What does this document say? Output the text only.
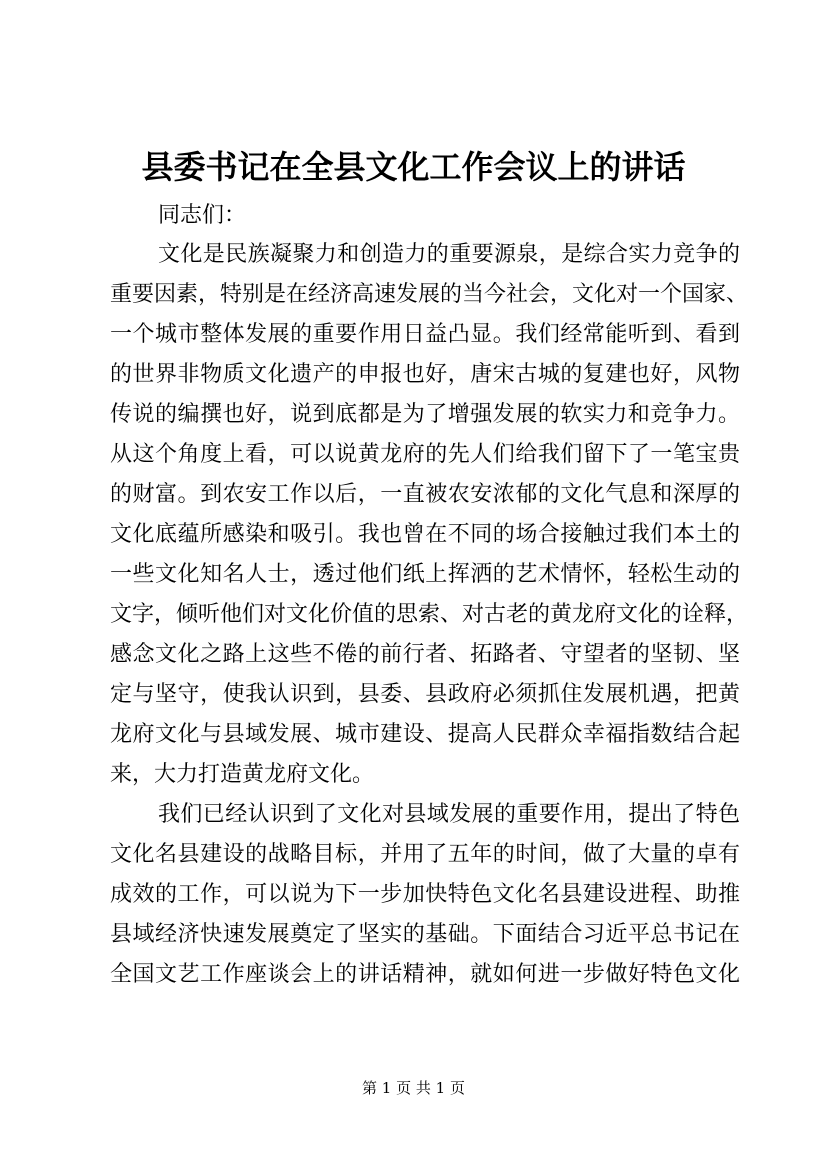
县委书记在全县文化工作会议上的讲话

同志们：

文化是民族凝聚力和创造力的重要源泉，是综合实力竞争的
重要因素，特别是在经济高速发展的当今社会，文化对一个国家、
一个城市整体发展的重要作用日益凸显。我们经常能听到、看到
的世界非物质文化遗产的申报也好，唐宋古城的复建也好，风物
传说的编撰也好，说到底都是为了增强发展的软实力和竞争力。
从这个角度上看，可以说黄龙府的先人们给我们留下了一笔宝贵
的财富。到农安工作以后，一直被农安浓郁的文化气息和深厚的
文化底蕴所感染和吸引。我也曾在不同的场合接触过我们本土的
一些文化知名人士，透过他们纸上挥洒的艺术情怀，轻松生动的
文字，倾听他们对文化价值的思索、对古老的黄龙府文化的诠释，
感念文化之路上这些不倦的前行者、拓路者、守望者的坚韧、坚
定与坚守，使我认识到，县委、县政府必须抓住发展机遇，把黄
龙府文化与县域发展、城市建设、提高人民群众幸福指数结合起
来，大力打造黄龙府文化。
我们已经认识到了文化对县域发展的重要作用，提出了特色
文化名县建设的战略目标，并用了五年的时间，做了大量的卓有
成效的工作，可以说为下一步加快特色文化名县建设进程、助推
县域经济快速发展奠定了坚实的基础。下面结合习近平总书记在
全国文艺工作座谈会上的讲话精神，就如何进一步做好特色文化
第 1 页 共 1 页
